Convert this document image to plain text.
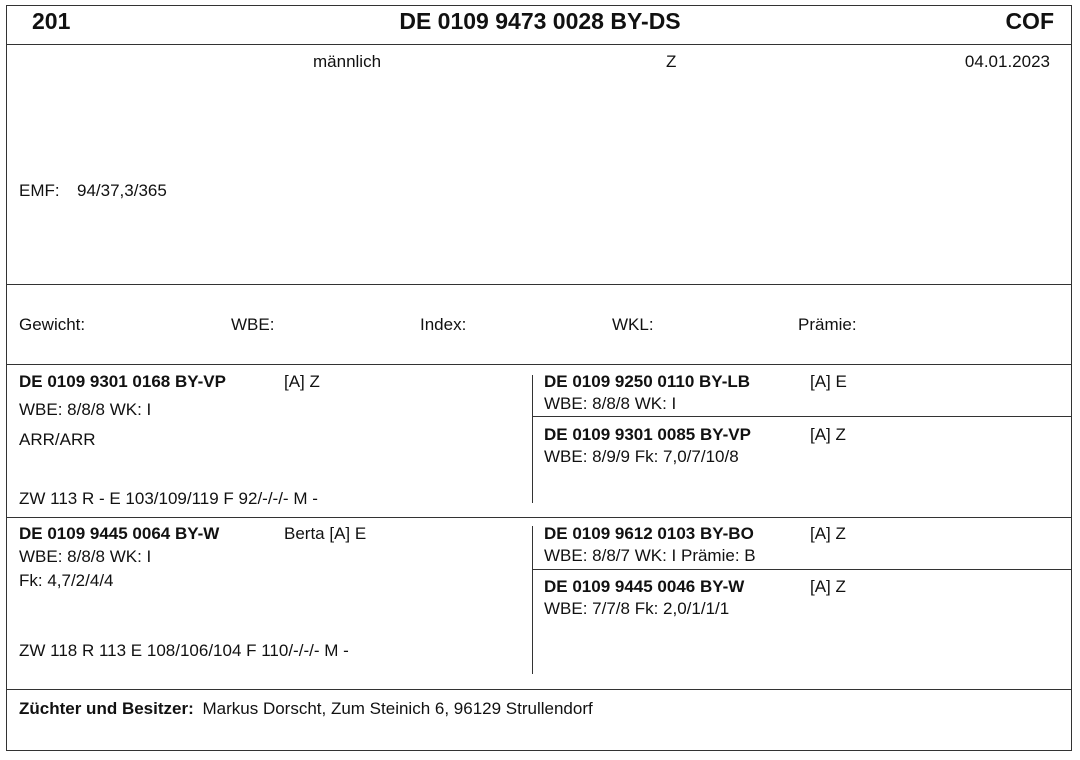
201	DE 0109 9473 0028 BY-DS	COF
männlich	Z	04.01.2023
EMF: 94/37,3/365
Gewicht:	WBE:	Index:	WKL:	Prämie:
DE 0109 9301 0168 BY-VP	[A] Z
WBE: 8/8/8 WK: I
ARR/ARR
ZW 113 R - E 103/109/119 F 92/-/-/- M -
DE 0109 9250 0110 BY-LB	[A] E
WBE: 8/8/8 WK: I
DE 0109 9301 0085 BY-VP	[A] Z
WBE: 8/9/9 Fk: 7,0/7/10/8
DE 0109 9445 0064 BY-W	Berta [A] E
WBE: 8/8/8 WK: I
Fk: 4,7/2/4/4
ZW 118 R 113 E 108/106/104 F 110/-/-/- M -
DE 0109 9612 0103 BY-BO	[A] Z
WBE: 8/8/7 WK: I Prämie: B
DE 0109 9445 0046 BY-W	[A] Z
WBE: 7/7/8 Fk: 2,0/1/1/1
Züchter und Besitzer: Markus Dorscht, Zum Steinich 6, 96129 Strullendorf
